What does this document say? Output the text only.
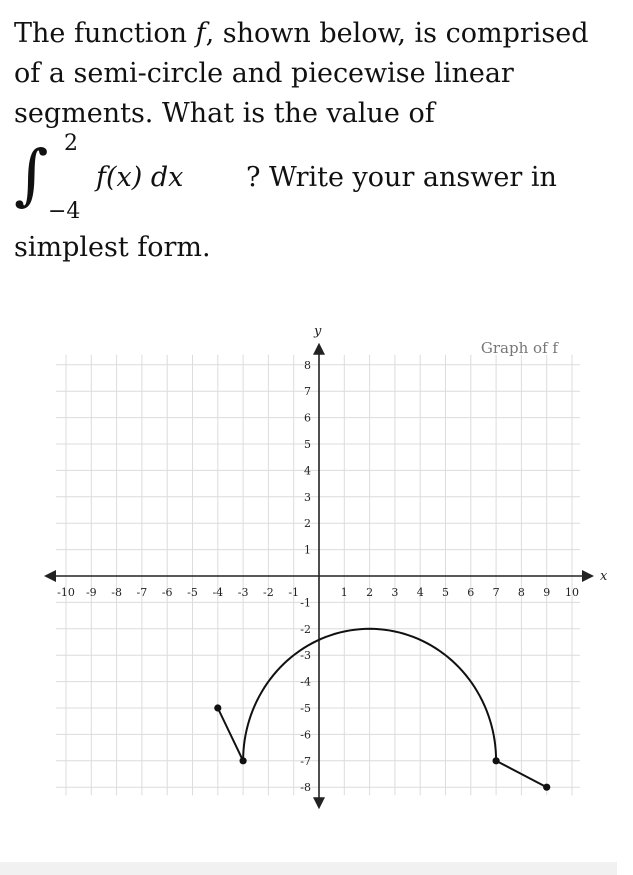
The function f, shown below, is comprised

of a semi-circle and piecewise linear

segments. What is the value of

∫ 2
−4
f(x) dx ? Write your answer in

simplest form.

x
y
Graph of f
-10 -9 -8 -7 -6 -5 -4 -3 -2 -1	1 2 3 4 5 6 7 8 9 10
8
7
6
5
4
3
2
1
-1
-2
-3
-4
-5
-6
-7
-8
